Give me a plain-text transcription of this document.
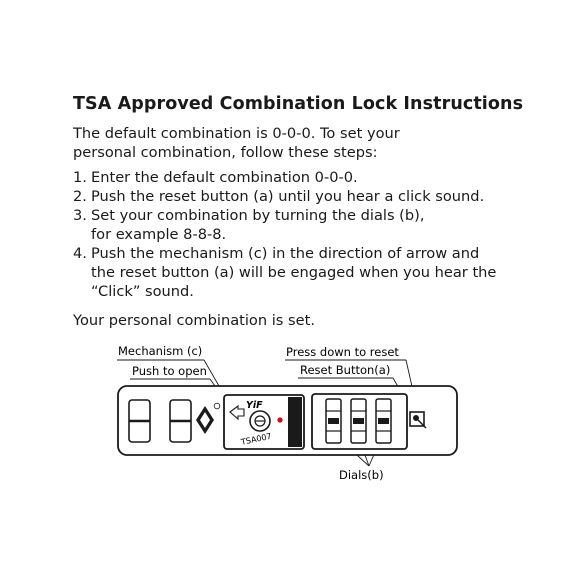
TSA Approved Combination Lock Instructions
The default combination is 0-0-0. To set your
personal combination, follow these steps:
1. Enter the default combination 0-0-0.
2. Push the reset button (a) until you hear a click sound.
3. Set your combination by turning the dials (b),
for example 8-8-8.
4. Push the mechanism (c) in the direction of arrow and
the reset button (a) will be engaged when you hear the
“Click” sound.
Your personal combination is set.
Mechanism (c)
Push to open
Press down to reset
Reset Button(a)
Dials(b)
YiF
TSA007
